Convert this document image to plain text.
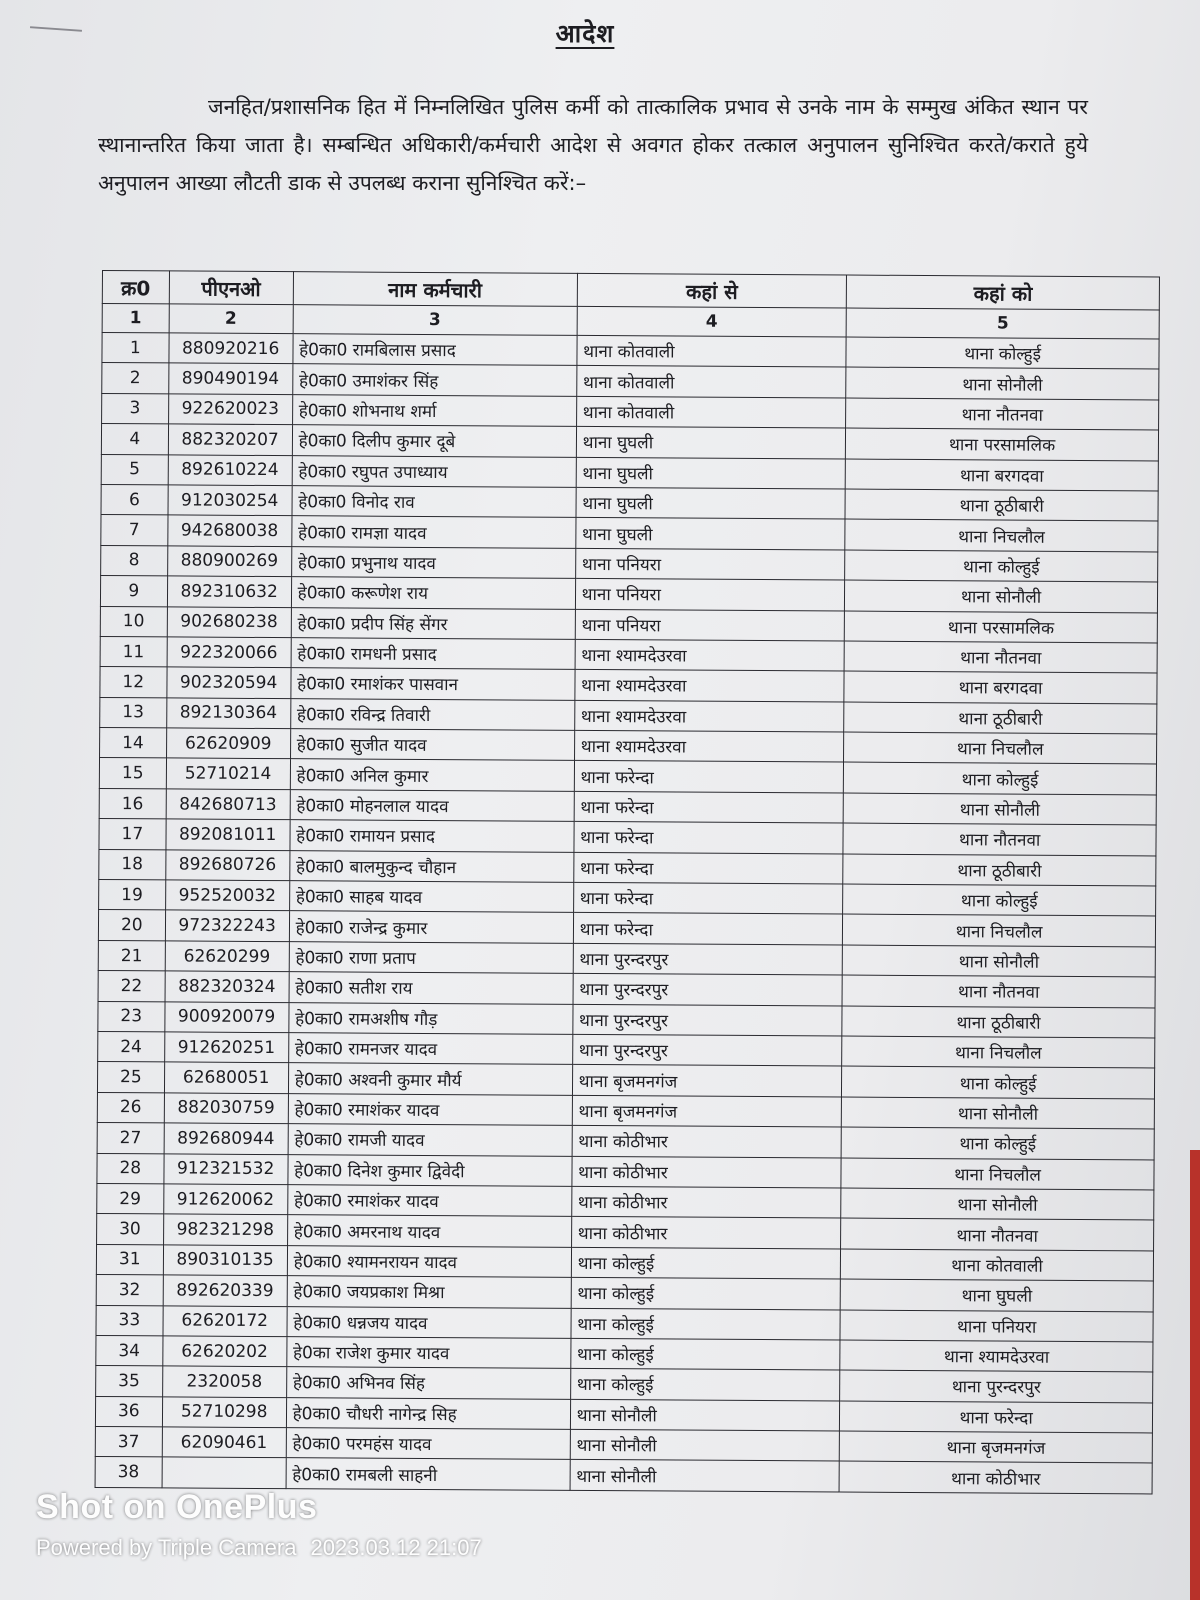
आदेश
जनहित/प्रशासनिक हित में निम्नलिखित पुलिस कर्मी को तात्कालिक प्रभाव से उनके नाम के सम्मुख अंकित स्थान पर स्थानान्तरित किया जाता है। सम्बन्धित अधिकारी/कर्मचारी आदेश से अवगत होकर तत्काल अनुपालन सुनिश्चित करते/कराते हुये अनुपालन आख्या लौटती डाक से उपलब्ध कराना सुनिश्चित करें:–
क्र0	पीएनओ	नाम कर्मचारी	कहां से	कहां को
1	2	3	4	5
1	880920216	हे0का0 रामबिलास प्रसाद	थाना कोतवाली	थाना कोल्हुई
2	890490194	हे0का0 उमाशंकर सिंह	थाना कोतवाली	थाना सोनौली
3	922620023	हे0का0 शोभनाथ शर्मा	थाना कोतवाली	थाना नौतनवा
4	882320207	हे0का0 दिलीप कुमार दूबे	थाना घुघली	थाना परसामलिक
5	892610224	हे0का0 रघुपत उपाध्याय	थाना घुघली	थाना बरगदवा
6	912030254	हे0का0 विनोद राव	थाना घुघली	थाना ठूठीबारी
7	942680038	हे0का0 रामज्ञा यादव	थाना घुघली	थाना निचलौल
8	880900269	हे0का0 प्रभुनाथ यादव	थाना पनियरा	थाना कोल्हुई
9	892310632	हे0का0 करूणेश राय	थाना पनियरा	थाना सोनौली
10	902680238	हे0का0 प्रदीप सिंह सेंगर	थाना पनियरा	थाना परसामलिक
11	922320066	हे0का0 रामधनी प्रसाद	थाना श्यामदेउरवा	थाना नौतनवा
12	902320594	हे0का0 रमाशंकर पासवान	थाना श्यामदेउरवा	थाना बरगदवा
13	892130364	हे0का0 रविन्द्र तिवारी	थाना श्यामदेउरवा	थाना ठूठीबारी
14	62620909	हे0का0 सुजीत यादव	थाना श्यामदेउरवा	थाना निचलौल
15	52710214	हे0का0 अनिल कुमार	थाना फरेन्दा	थाना कोल्हुई
16	842680713	हे0का0 मोहनलाल यादव	थाना फरेन्दा	थाना सोनौली
17	892081011	हे0का0 रामायन प्रसाद	थाना फरेन्दा	थाना नौतनवा
18	892680726	हे0का0 बालमुकुन्द चौहान	थाना फरेन्दा	थाना ठूठीबारी
19	952520032	हे0का0 साहब यादव	थाना फरेन्दा	थाना कोल्हुई
20	972322243	हे0का0 राजेन्द्र कुमार	थाना फरेन्दा	थाना निचलौल
21	62620299	हे0का0 राणा प्रताप	थाना पुरन्दरपुर	थाना सोनौली
22	882320324	हे0का0 सतीश राय	थाना पुरन्दरपुर	थाना नौतनवा
23	900920079	हे0का0 रामअशीष गौड़	थाना पुरन्दरपुर	थाना ठूठीबारी
24	912620251	हे0का0 रामनजर यादव	थाना पुरन्दरपुर	थाना निचलौल
25	62680051	हे0का0 अश्वनी कुमार मौर्य	थाना बृजमनगंज	थाना कोल्हुई
26	882030759	हे0का0 रमाशंकर यादव	थाना बृजमनगंज	थाना सोनौली
27	892680944	हे0का0 रामजी यादव	थाना कोठीभार	थाना कोल्हुई
28	912321532	हे0का0 दिनेश कुमार द्विवेदी	थाना कोठीभार	थाना निचलौल
29	912620062	हे0का0 रमाशंकर यादव	थाना कोठीभार	थाना सोनौली
30	982321298	हे0का0 अमरनाथ यादव	थाना कोठीभार	थाना नौतनवा
31	890310135	हे0का0 श्यामनरायन यादव	थाना कोल्हुई	थाना कोतवाली
32	892620339	हे0का0 जयप्रकाश मिश्रा	थाना कोल्हुई	थाना घुघली
33	62620172	हे0का0 धन्नजय यादव	थाना कोल्हुई	थाना पनियरा
34	62620202	हे0का राजेश कुमार यादव	थाना कोल्हुई	थाना श्यामदेउरवा
35	2320058	हे0का0 अभिनव सिंह	थाना कोल्हुई	थाना पुरन्दरपुर
36	52710298	हे0का0 चौधरी नागेन्द्र सिह	थाना सोनौली	थाना फरेन्दा
37	62090461	हे0का0 परमहंस यादव	थाना सोनौली	थाना बृजमनगंज
38		हे0का0 रामबली साहनी	थाना सोनौली	थाना कोठीभार
Shot on OnePlus
Powered by Triple Camera 2023.03.12 21:07
